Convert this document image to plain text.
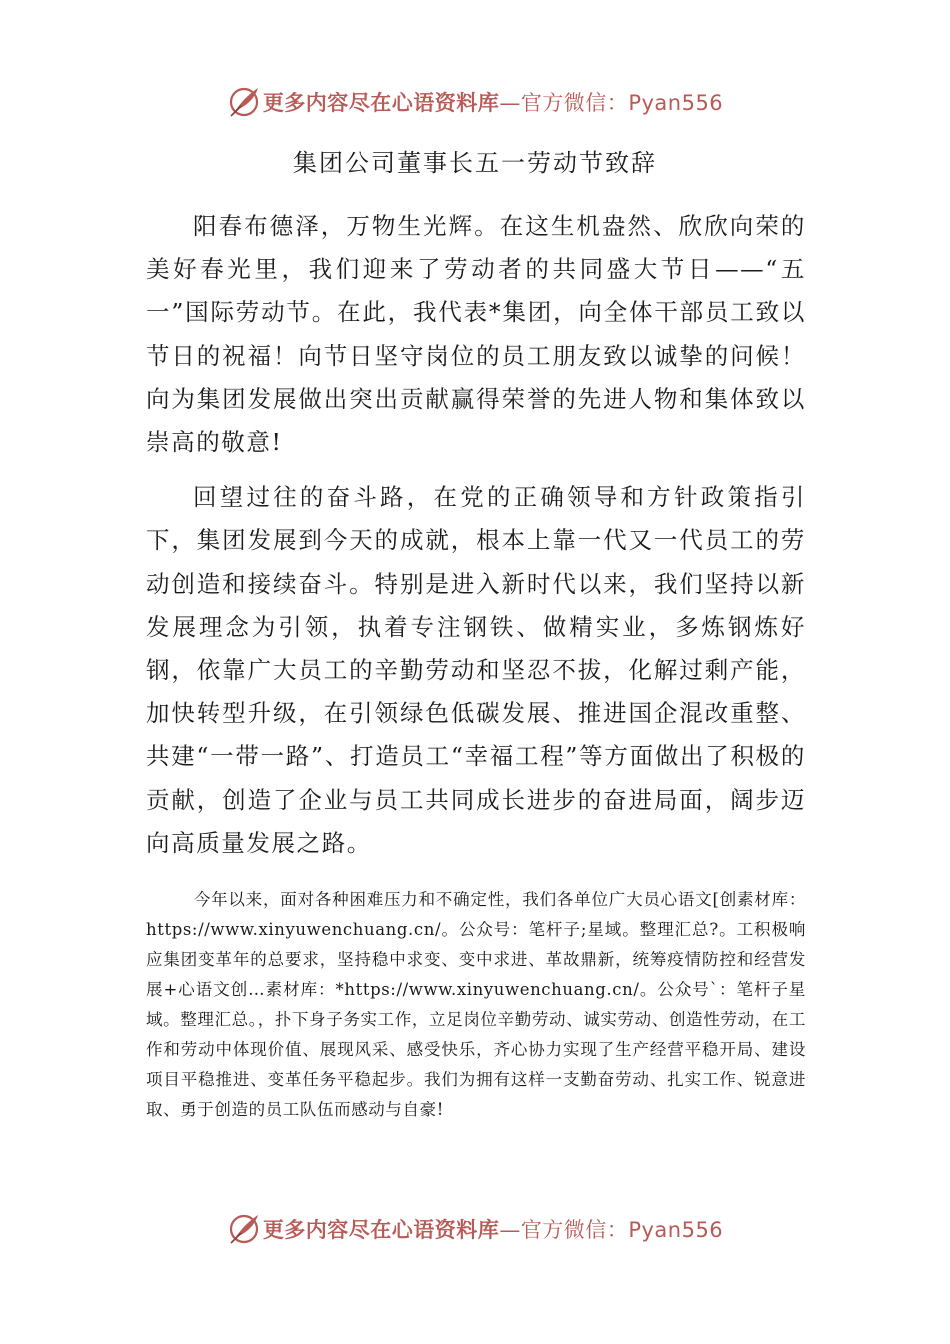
更多内容尽在心语资料库—官方微信：Pyan556
集团公司董事长五一劳动节致辞

阳春布德泽，万物生光辉。在这生机盎然、欣欣向荣的美好春光里，我们迎来了劳动者的共同盛大节日——“五一”国际劳动节。在此，我代表*集团，向全体干部员工致以节日的祝福！向节日坚守岗位的员工朋友致以诚挚的问候！向为集团发展做出突出贡献赢得荣誉的先进人物和集体致以崇高的敬意!

回望过往的奋斗路，在党的正确领导和方针政策指引下，集团发展到今天的成就，根本上靠一代又一代员工的劳动创造和接续奋斗。特别是进入新时代以来，我们坚持以新发展理念为引领，执着专注钢铁、做精实业，多炼钢炼好钢，依靠广大员工的辛勤劳动和坚忍不拔，化解过剩产能，加快转型升级，在引领绿色低碳发展、推进国企混改重整、共建“一带一路”、打造员工“幸福工程”等方面做出了积极的贡献，创造了企业与员工共同成长进步的奋进局面，阔步迈向高质量发展之路。

今年以来，面对各种困难压力和不确定性，我们各单位广大员心语文[创素材库：https://www.xinyuwenchuang.cn/。公众号：笔杆子;星域。整理汇总?。工积极响应集团变革年的总要求，坚持稳中求变、变中求进、革故鼎新，统筹疫情防控和经营发展+心语文创…素材库：*https://www.xinyuwenchuang.cn/。公众号`：笔杆子星域。整理汇总。，扑下身子务实工作，立足岗位辛勤劳动、诚实劳动、创造性劳动，在工作和劳动中体现价值、展现风采、感受快乐，齐心协力实现了生产经营平稳开局、建设项目平稳推进、变革任务平稳起步。我们为拥有这样一支勤奋劳动、扎实工作、锐意进取、勇于创造的员工队伍而感动与自豪!

更多内容尽在心语资料库—官方微信：Pyan556
